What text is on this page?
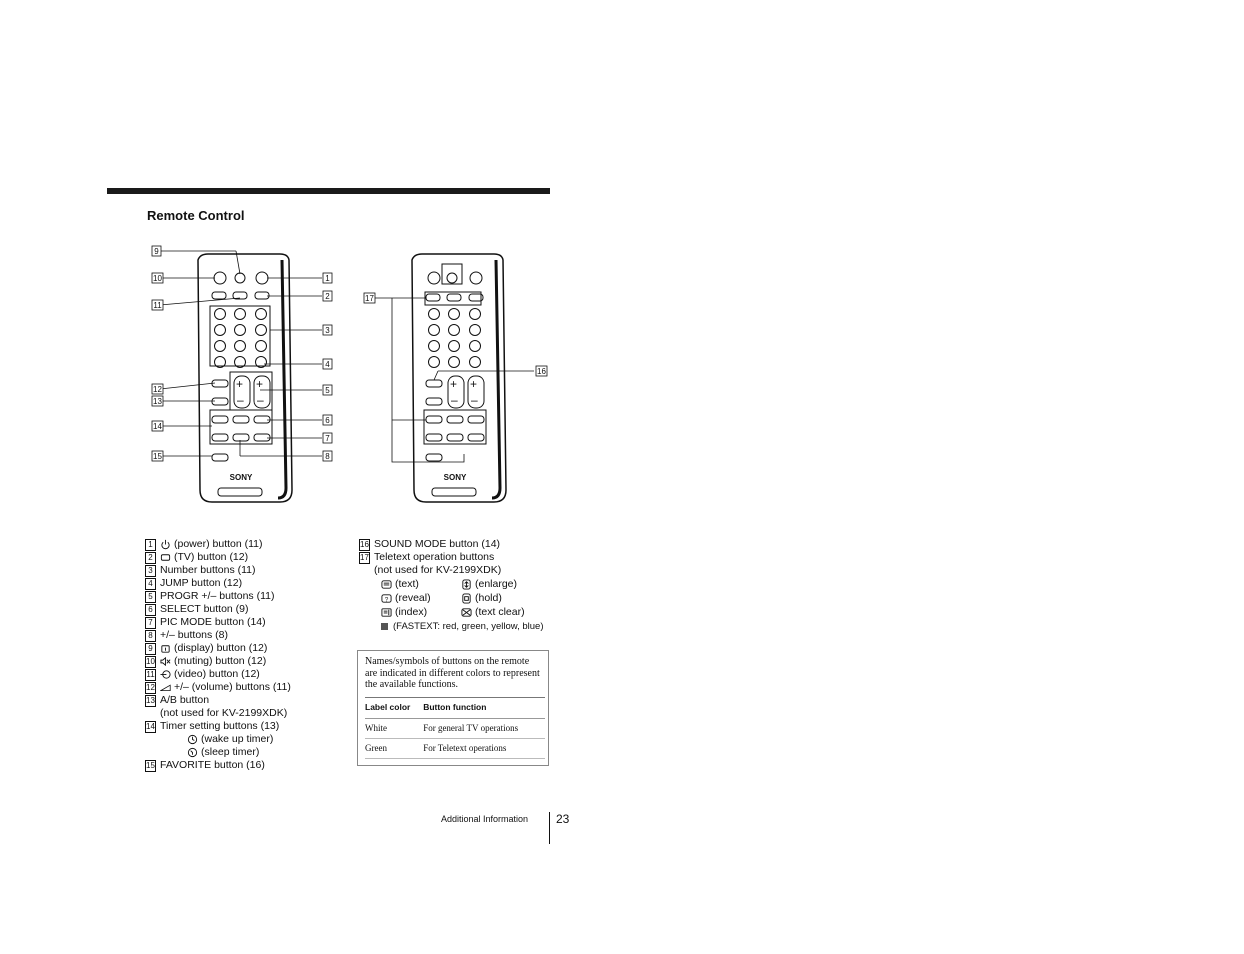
Remote Control
+ +
– –
SONY
+ +
– –
SONY
9
10
11
12
13
14
15
1
2
3
4
5
6
7
8
17
16
1	(power) button (11)
2	(TV) button (12)
3 Number buttons (11)
4 JUMP button (12)
5 PROGR +/– buttons (11)
6 SELECT button (9)
7 PIC MODE button (14)
8 +/– buttons (8)
9	(display) button (12)
10 (muting) button (12)
11 (video) button (12)
12 +/– (volume) buttons (11)
13 A/B button
(not used for KV-2199XDK)
14 Timer setting buttons (13)
(wake up timer)
(sleep timer)
15 FAVORITE button (16)
16 SOUND MODE button (14)
17 Teletext operation buttons
(not used for KV-2199XDK)
(text)	(enlarge)
? (reveal)	(hold)
(index)	(text clear)
(FASTEXT: red, green, yellow, blue)

Names/symbols of buttons on the remote are indicated in different colors to represent the available functions.

Label color	Button function
White	For general TV operations
Green	For Teletext operations
Additional Information 23
